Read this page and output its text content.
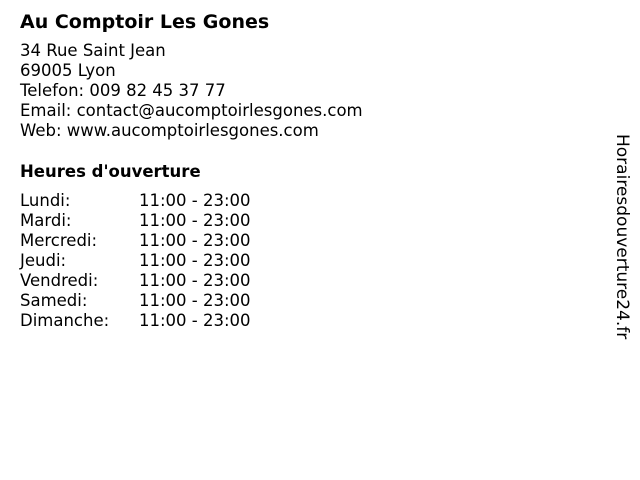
Au Comptoir Les Gones
34 Rue Saint Jean
69005 Lyon
Telefon: 009 82 45 37 77
Email: contact@aucomptoirlesgones.com
Web: www.aucomptoirlesgones.com
Heures d'ouverture
Lundi:	11:00 - 23:00
Mardi:	11:00 - 23:00
Mercredi:	11:00 - 23:00
Jeudi:	11:00 - 23:00
Vendredi:	11:00 - 23:00
Samedi:	11:00 - 23:00
Dimanche:	11:00 - 23:00	Horairesdouverture24.fr
